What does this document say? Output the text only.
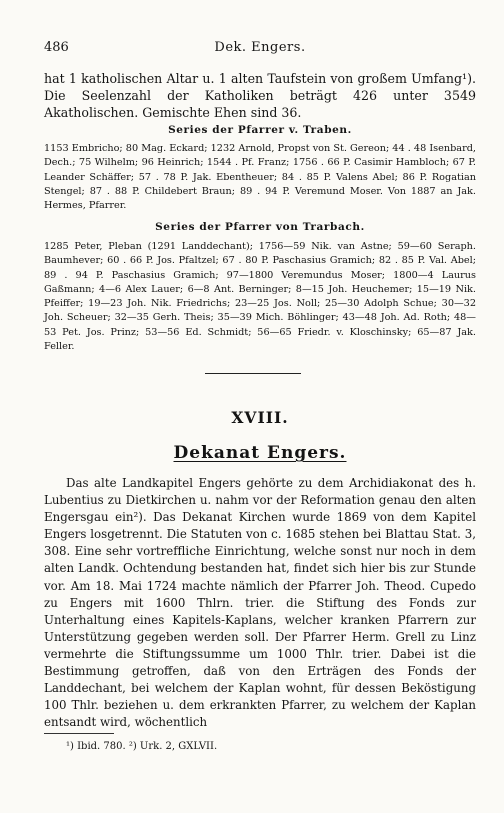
486	Dek. Engers.

hat 1 katholischen Altar u. 1 alten Taufstein von großem Umfang¹). Die Seelenzahl der Katholiken beträgt 426 unter 3549 Akatholischen. Gemischte Ehen sind 36.

Series der Pfarrer v. Traben.

1153 Embricho; 80 Mag. Eckard; 1232 Arnold, Propst von St. Gereon; 44 . 48 Isenbard, Dech.; 75 Wilhelm; 96 Heinrich; 1544 . Pf. Franz; 1756 . 66 P. Casimir Hambloch; 67 P. Leander Schäffer; 57 . 78 P. Jak. Ebentheuer; 84 . 85 P. Valens Abel; 86 P. Rogatian Stengel; 87 . 88 P. Childebert Braun; 89 . 94 P. Veremund Moser. Von 1887 an Jak. Hermes, Pfarrer.

Series der Pfarrer von Trarbach.

1285 Peter, Pleban (1291 Landdechant); 1756—59 Nik. van Astne; 59—60 Seraph. Baumhever; 60 . 66 P. Jos. Pfaltzel; 67 . 80 P. Paschasius Gramich; 82 . 85 P. Val. Abel; 89 . 94 P. Paschasius Gramich; 97—1800 Veremundus Moser; 1800—4 Laurus Gaßmann; 4—6 Alex Lauer; 6—8 Ant. Berninger; 8—15 Joh. Heuchemer; 15—19 Nik. Pfeiffer; 19—23 Joh. Nik. Friedrichs; 23—25 Jos. Noll; 25—30 Adolph Schue; 30—32 Joh. Scheuer; 32—35 Gerh. Theis; 35—39 Mich. Böhlinger; 43—48 Joh. Ad. Roth; 48—53 Pet. Jos. Prinz; 53—56 Ed. Schmidt; 56—65 Friedr. v. Kloschinsky; 65—87 Jak. Feller.

XVIII.

Dekanat Engers.

Das alte Landkapitel Engers gehörte zu dem Archidiakonat des h. Lubentius zu Dietkirchen u. nahm vor der Reformation genau den alten Engersgau ein²). Das Dekanat Kirchen wurde 1869 von dem Kapitel Engers losgetrennt. Die Statuten von c. 1685 stehen bei Blattau Stat. 3, 308. Eine sehr vortreffliche Einrichtung, welche sonst nur noch in dem alten Landk. Ochtendung bestanden hat, findet sich hier bis zur Stunde vor. Am 18. Mai 1724 machte nämlich der Pfarrer Joh. Theod. Cupedo zu Engers mit 1600 Thlrn. trier. die Stiftung des Fonds zur Unterhaltung eines Kapitels-Kaplans, welcher kranken Pfarrern zur Unterstützung gegeben werden soll. Der Pfarrer Herm. Grell zu Linz vermehrte die Stiftungssumme um 1000 Thlr. trier. Dabei ist die Bestimmung getroffen, daß von den Erträgen des Fonds der Landdechant, bei welchem der Kaplan wohnt, für dessen Beköstigung 100 Thlr. beziehen u. dem erkrankten Pfarrer, zu welchem der Kaplan entsandt wird, wöchentlich

¹) Ibid. 780. ²) Urk. 2, GXLVII.
